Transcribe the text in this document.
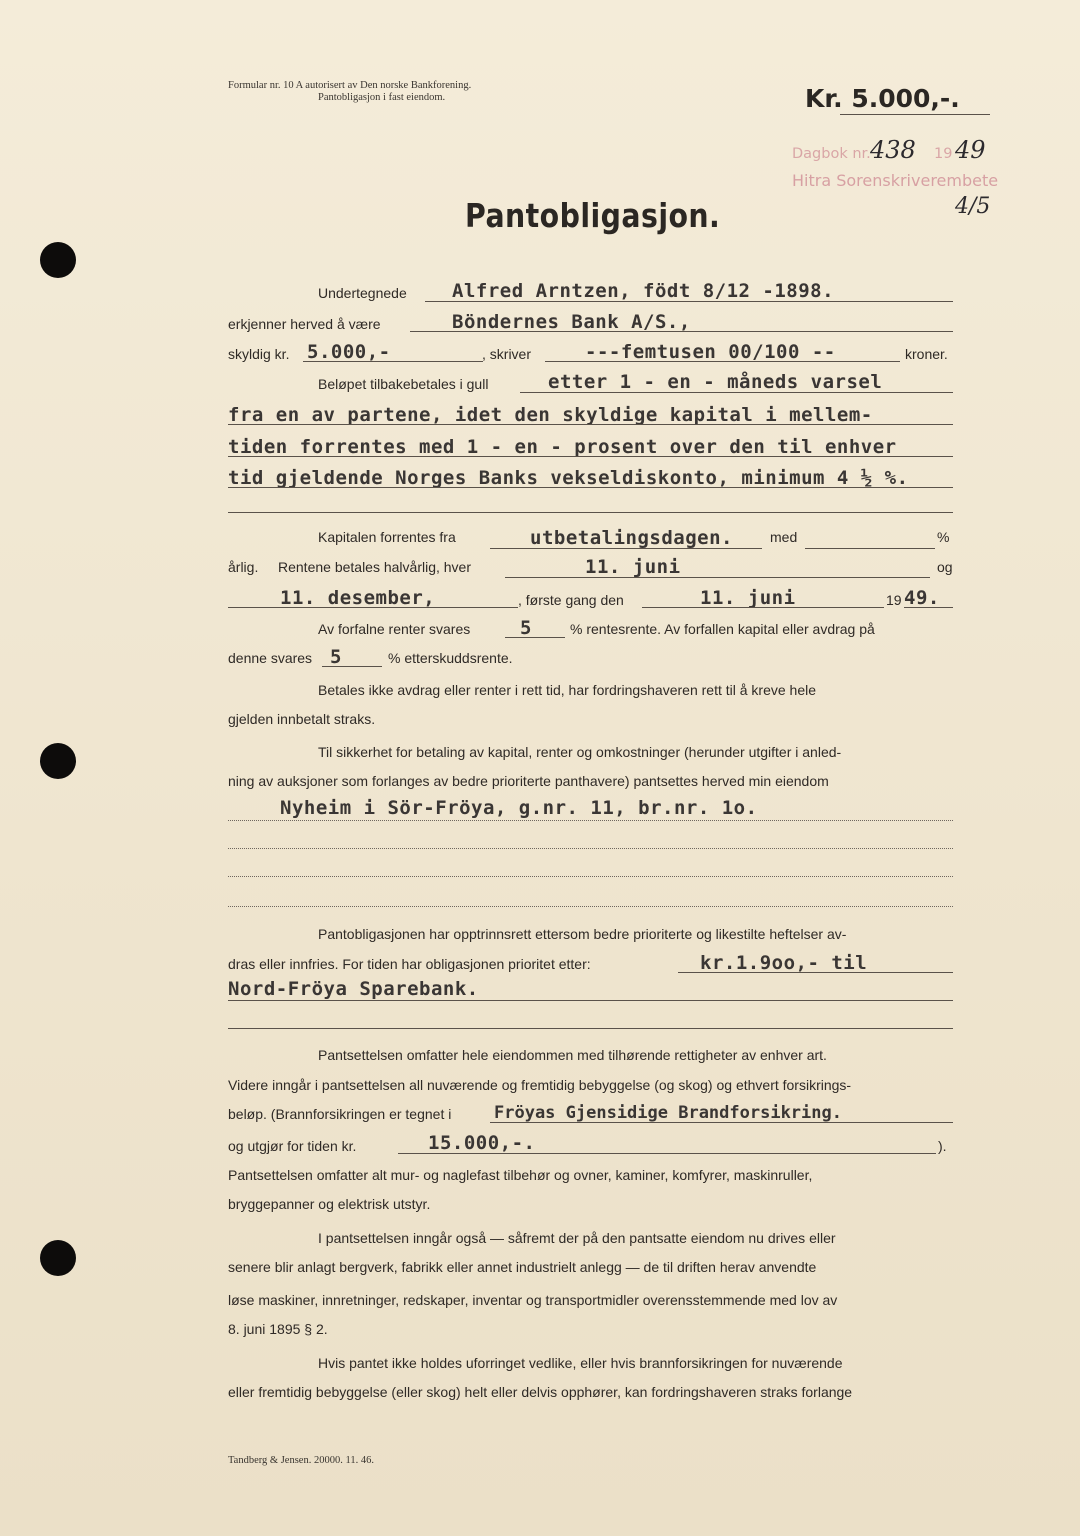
Formular nr. 10 A autorisert av Den norske Bankforening.
Pantobligasjon i fast eiendom.	Kr. 5.000,-.
Dagbok nr. 438 19 49
Hitra Sorenskriverembete
4/5
Pantobligasjon.
Undertegnede Alfred Arntzen, födt 8/12 -1898.
erkjenner herved å være	Böndernes Bank A/S.,
skyldig kr. 5.000,-	, skriver	---femtusen 00/100 --	kroner.
Beløpet tilbakebetales i gull	etter 1 - en - måneds varsel
fra en av partene, idet den skyldige kapital i mellem-
tiden forrentes med 1 - en - prosent over den til enhver
tid gjeldende Norges Banks vekseldiskonto, minimum 4 ½ %.
Kapitalen forrentes fra	utbetalingsdagen.	med	%
årlig. Rentene betales halvårlig, hver	11. juni	og
11. desember,	, første gang den	11. juni	19 49.
Av forfalne renter svares	5	% rentesrente. Av forfallen kapital eller avdrag på
denne svares 5	% etterskuddsrente.
Betales ikke avdrag eller renter i rett tid, har fordringshaveren rett til å kreve hele
gjelden innbetalt straks.
Til sikkerhet for betaling av kapital, renter og omkostninger (herunder utgifter i anled-
ning av auksjoner som forlanges av bedre prioriterte panthavere) pantsettes herved min eiendom
Nyheim i Sör-Fröya, g.nr. 11, br.nr. 1o.
Pantobligasjonen har opptrinnsrett ettersom bedre prioriterte og likestilte heftelser av-
dras eller innfries. For tiden har obligasjonen prioritet etter:	kr.1.9oo,- til
Nord-Fröya Sparebank.
Pantsettelsen omfatter hele eiendommen med tilhørende rettigheter av enhver art.
Videre inngår i pantsettelsen all nuværende og fremtidig bebyggelse (og skog) og ethvert forsikrings-
beløp. (Brannforsikringen er tegnet i	Fröyas Gjensidige Brandforsikring.
og utgjør for tiden kr.	15.000,-.	).
Pantsettelsen omfatter alt mur- og naglefast tilbehør og ovner, kaminer, komfyrer, maskinruller,
bryggepanner og elektrisk utstyr.
I pantsettelsen inngår også — såfremt der på den pantsatte eiendom nu drives eller
senere blir anlagt bergverk, fabrikk eller annet industrielt anlegg — de til driften herav anvendte
løse maskiner, innretninger, redskaper, inventar og transportmidler overensstemmende med lov av
8. juni 1895 § 2.
Hvis pantet ikke holdes uforringet vedlike, eller hvis brannforsikringen for nuværende
eller fremtidig bebyggelse (eller skog) helt eller delvis opphører, kan fordringshaveren straks forlange
Tandberg & Jensen. 20000. 11. 46.
